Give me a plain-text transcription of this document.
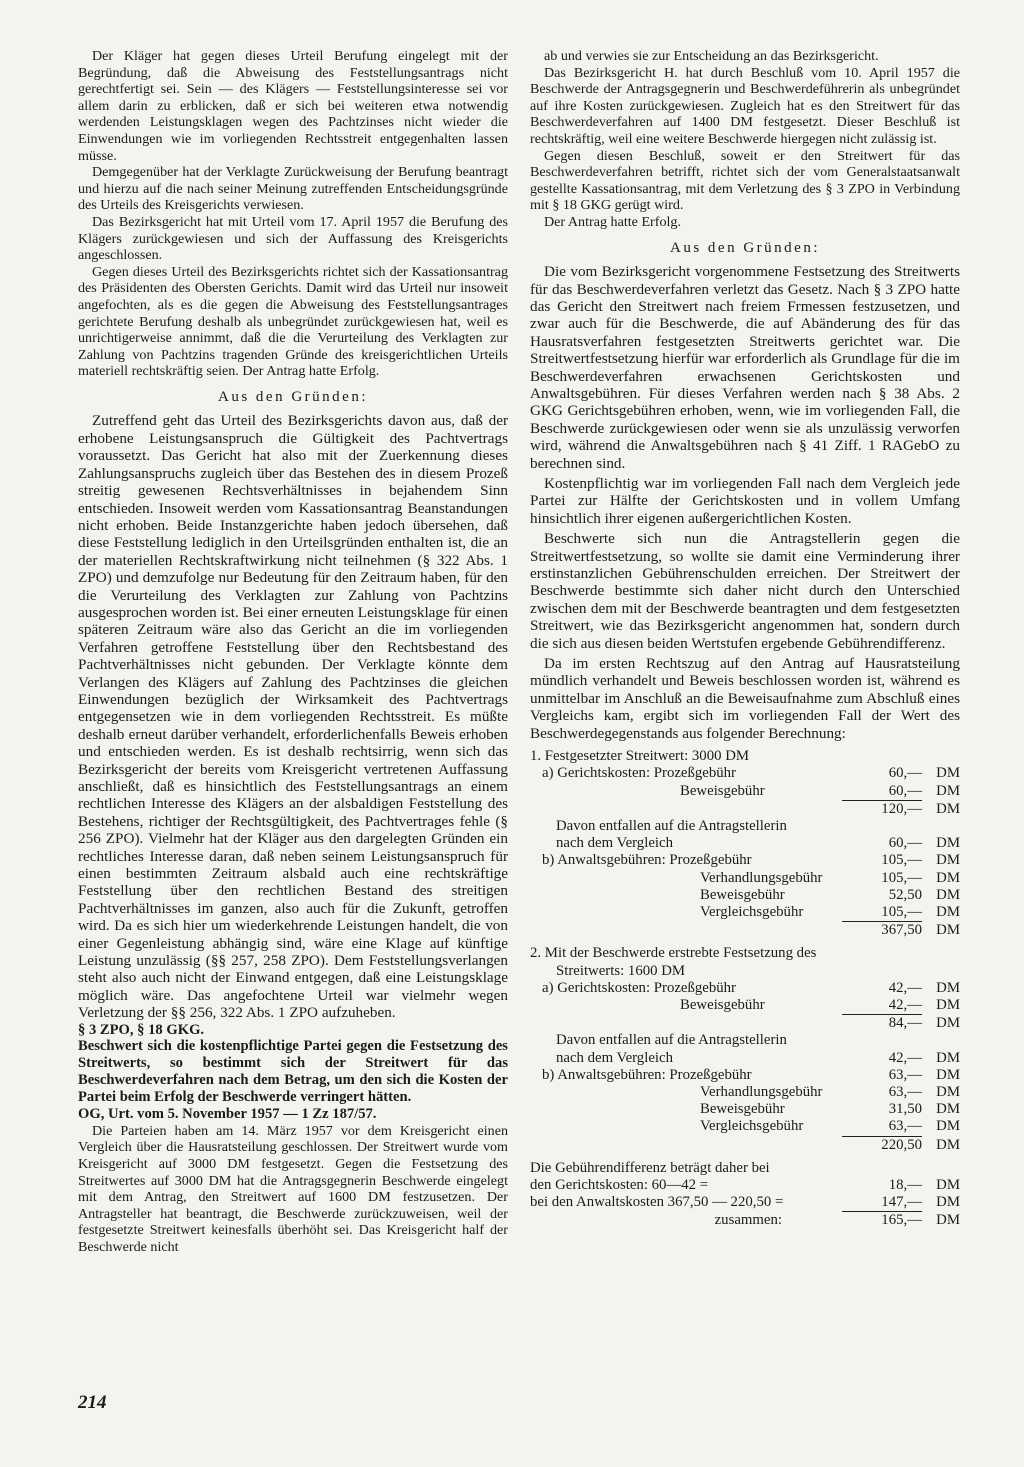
Der Kläger hat gegen dieses Urteil Berufung eingelegt mit der Begründung, daß die Abweisung des Feststellungsantrags nicht gerechtfertigt sei. Sein — des Klägers — Feststellungsinteresse sei vor allem darin zu erblicken, daß er sich bei weiteren etwa notwendig werdenden Leistungsklagen wegen des Pachtzinses nicht wieder die Einwendungen wie im vorliegenden Rechtsstreit entgegenhalten lassen müsse.

Demgegenüber hat der Verklagte Zurückweisung der Berufung beantragt und hierzu auf die nach seiner Meinung zutreffenden Entscheidungsgründe des Urteils des Kreisgerichts verwiesen.

Das Bezirksgericht hat mit Urteil vom 17. April 1957 die Berufung des Klägers zurückgewiesen und sich der Auffassung des Kreisgerichts angeschlossen.

Gegen dieses Urteil des Bezirksgerichts richtet sich der Kassationsantrag des Präsidenten des Obersten Gerichts. Damit wird das Urteil nur insoweit angefochten, als es die gegen die Abweisung des Feststellungsantrages gerichtete Berufung deshalb als unbegründet zurückgewiesen hat, weil es unrichtigerweise annimmt, daß die die Verurteilung des Verklagten zur Zahlung von Pachtzins tragenden Gründe des kreisgerichtlichen Urteils materiell rechtskräftig seien. Der Antrag hatte Erfolg.

Aus den Gründen:

Zutreffend geht das Urteil des Bezirksgerichts davon aus, daß der erhobene Leistungsanspruch die Gültigkeit des Pachtvertrags voraussetzt. Das Gericht hat also mit der Zuerkennung dieses Zahlungsanspruchs zugleich über das Bestehen des in diesem Prozeß streitig gewesenen Rechtsverhältnisses in bejahendem Sinn entschieden. Insoweit werden vom Kassationsantrag Beanstandungen nicht erhoben. Beide Instanzgerichte haben jedoch übersehen, daß diese Feststellung lediglich in den Urteilsgründen enthalten ist, die an der materiellen Rechtskraftwirkung nicht teilnehmen (§ 322 Abs. 1 ZPO) und demzufolge nur Bedeutung für den Zeitraum haben, für den die Verurteilung des Verklagten zur Zahlung von Pachtzins ausgesprochen worden ist. Bei einer erneuten Leistungsklage für einen späteren Zeitraum wäre also das Gericht an die im vorliegenden Verfahren getroffene Feststellung über den Rechtsbestand des Pachtverhältnisses nicht gebunden. Der Verklagte könnte dem Verlangen des Klägers auf Zahlung des Pachtzinses die gleichen Einwendungen bezüglich der Wirksamkeit des Pachtvertrags entgegensetzen wie in dem vorliegenden Rechtsstreit. Es müßte deshalb erneut darüber verhandelt, erforderlichenfalls Beweis erhoben und entschieden werden. Es ist deshalb rechtsirrig, wenn sich das Bezirksgericht der bereits vom Kreisgericht vertretenen Auffassung anschließt, daß es hinsichtlich des Feststellungsantrags an einem rechtlichen Interesse des Klägers an der alsbaldigen Feststellung des Bestehens, richtiger der Rechtsgültigkeit, des Pachtvertrages fehle (§ 256 ZPO). Vielmehr hat der Kläger aus den dargelegten Gründen ein rechtliches Interesse daran, daß neben seinem Leistungsanspruch für einen bestimmten Zeitraum alsbald auch eine rechtskräftige Feststellung über den rechtlichen Bestand des streitigen Pachtverhältnisses im ganzen, also auch für die Zukunft, getroffen wird. Da es sich hier um wiederkehrende Leistungen handelt, die von einer Gegenleistung abhängig sind, wäre eine Klage auf künftige Leistung unzulässig (§§ 257, 258 ZPO). Dem Feststellungsverlangen steht also auch nicht der Einwand entgegen, daß eine Leistungsklage möglich wäre. Das angefochtene Urteil war vielmehr wegen Verletzung der §§ 256, 322 Abs. 1 ZPO aufzuheben.

§ 3 ZPO, § 18 GKG.

Beschwert sich die kostenpflichtige Partei gegen die Festsetzung des Streitwerts, so bestimmt sich der Streitwert für das Beschwerdeverfahren nach dem Betrag, um den sich die Kosten der Partei beim Erfolg der Beschwerde verringert hätten.

OG, Urt. vom 5. November 1957 — 1 Zz 187/57.

Die Parteien haben am 14. März 1957 vor dem Kreisgericht einen Vergleich über die Hausratsteilung geschlossen. Der Streitwert wurde vom Kreisgericht auf 3000 DM festgesetzt. Gegen die Festsetzung des Streitwertes auf 3000 DM hat die Antragsgegnerin Beschwerde eingelegt mit dem Antrag, den Streitwert auf 1600 DM festzusetzen. Der Antragsteller hat beantragt, die Beschwerde zurückzuweisen, weil der festgesetzte Streitwert keinesfalls überhöht sei. Das Kreisgericht half der Beschwerde nicht

ab und verwies sie zur Entscheidung an das Bezirksgericht.

Das Bezirksgericht H. hat durch Beschluß vom 10. April 1957 die Beschwerde der Antragsgegnerin und Beschwerdeführerin als unbegründet auf ihre Kosten zurückgewiesen. Zugleich hat es den Streitwert für das Beschwerdeverfahren auf 1400 DM festgesetzt. Dieser Beschluß ist rechtskräftig, weil eine weitere Beschwerde hiergegen nicht zulässig ist.

Gegen diesen Beschluß, soweit er den Streitwert für das Beschwerdeverfahren betrifft, richtet sich der vom Generalstaatsanwalt gestellte Kassationsantrag, mit dem Verletzung des § 3 ZPO in Verbindung mit § 18 GKG gerügt wird.

Der Antrag hatte Erfolg.

Aus den Gründen:

Die vom Bezirksgericht vorgenommene Festsetzung des Streitwerts für das Beschwerdeverfahren verletzt das Gesetz. Nach § 3 ZPO hatte das Gericht den Streitwert nach freiem Frmessen festzusetzen, und zwar auch für die Beschwerde, die auf Abänderung des für das Hausratsverfahren festgesetzten Streitwerts gerichtet war. Die Streitwertfestsetzung hierfür war erforderlich als Grundlage für die im Beschwerdeverfahren erwachsenen Gerichtskosten und Anwaltsgebühren. Für dieses Verfahren werden nach § 38 Abs. 2 GKG Gerichtsgebühren erhoben, wenn, wie im vorliegenden Fall, die Beschwerde zurückgewiesen oder wenn sie als unzulässig verworfen wird, während die Anwaltsgebühren nach § 41 Ziff. 1 RAGebO zu berechnen sind.

Kostenpflichtig war im vorliegenden Fall nach dem Vergleich jede Partei zur Hälfte der Gerichtskosten und in vollem Umfang hinsichtlich ihrer eigenen außergerichtlichen Kosten.

Beschwerte sich nun die Antragstellerin gegen die Streitwertfestsetzung, so wollte sie damit eine Verminderung ihrer erstinstanzlichen Gebührenschulden erreichen. Der Streitwert der Beschwerde bestimmte sich daher nicht durch den Unterschied zwischen dem mit der Beschwerde beantragten und dem festgesetzten Streitwert, wie das Bezirksgericht angenommen hat, sondern durch die sich aus diesen beiden Wertstufen ergebende Gebührendifferenz.

Da im ersten Rechtszug auf den Antrag auf Hausratsteilung mündlich verhandelt und Beweis beschlossen worden ist, während es unmittelbar im Anschluß an die Beweisaufnahme zum Abschluß eines Vergleichs kam, ergibt sich im vorliegenden Fall der Wert des Beschwerdegegenstands aus folgender Berechnung:

1. Festgesetzter Streitwert: 3000 DM
a) Gerichtskosten: Prozeßgebühr	60,— DM
Beweisgebühr	60,— DM
120,— DM
Davon entfallen auf die Antragstellerin
nach dem Vergleich	60,— DM
b) Anwaltsgebühren: Prozeßgebühr	105,— DM
Verhandlungsgebühr	105,— DM
Beweisgebühr	52,50 DM
Vergleichsgebühr	105,— DM
367,50 DM
2. Mit der Beschwerde erstrebte Festsetzung des
Streitwerts: 1600 DM
a) Gerichtskosten: Prozeßgebühr	42,— DM
Beweisgebühr	42,— DM
84,— DM
Davon entfallen auf die Antragstellerin
nach dem Vergleich	42,— DM
b) Anwaltsgebühren: Prozeßgebühr	63,— DM
Verhandlungsgebühr	63,— DM
Beweisgebühr	31,50 DM
Vergleichsgebühr	63,— DM
220,50 DM
Die Gebührendifferenz beträgt daher bei
den Gerichtskosten: 60—42 =	18,— DM
bei den Anwaltskosten 367,50 — 220,50 =	147,— DM
zusammen:	165,— DM
214
